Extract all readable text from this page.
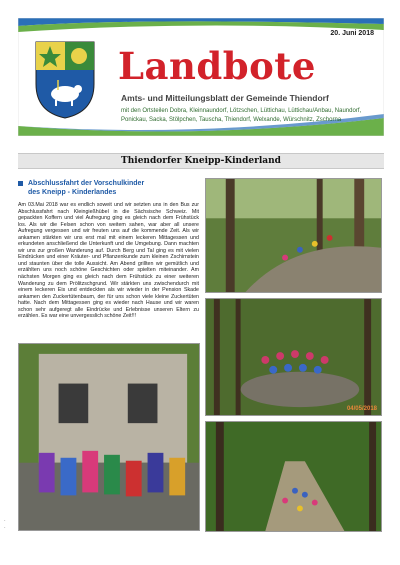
20. Juni 2018
Landbote
Amts- und Mitteilungsblatt der Gemeinde Thiendorf
mit den Ortsteilen Dobra, Kleinnaundorf, Lötzschen, Lüttichau, Lüttichau/Anbau, Naundorf, Ponickau, Sacka, Stölpchen, Tauscha, Thiendorf, Welxande, Würschnitz, Zschorna
Thiendorfer Kneipp-Kinderland
Abschlussfahrt der Vorschulkinder
des Kneipp - Kinderlandes
Am 03.Mai 2018 war es endlich soweit und wir setzten uns in den Bus zur Abschlussfahrt nach Kleingießhübel in die Sächsische Schweiz. Mit gepackten Koffern und viel Aufregung ging es gleich nach dem Frühstück los. Als wir die Felsen schon von weitem sahen, war aber all unsere Aufregung vergessen und wir freuten uns auf die kommende Zeit. Als wir ankamen stärkten wir uns erst mal mit einem leckeren Mittagessen und erkundeten anschließend die Unterkunft und die Umgebung. Dann machten wir uns zur großen Wanderung auf. Durch Berg und Tal ging es mit vielen Eindrücken und einer Kräuter- und Pflanzenkunde zum kleinen Zschirnstein und staunten über die tolle Aussicht. Am Abend grillten wir gemütlich und erzählten uns noch schöne Geschichten oder spielten miteinander. Am nächsten Morgen ging es gleich nach dem Frühstück zu einer weiteren Wanderung zu dem Prölitzschgrund. Wir stärkten uns zwischendurch mit einem leckeren Eis und entdeckten als wir wieder in der Pension Skade ankamen den Zuckertütenbaum, der für uns schon viele kleine Zuckertüten hatte. Nach dem Mittagessen ging es wieder nach Hause und wir waren schon sehr aufgeregt alle Eindrücke und Erlebnisse unseren Eltern zu erzählen. Es war eine unvergesslich schöne Zeit!!!
04/05/2018
·
·
